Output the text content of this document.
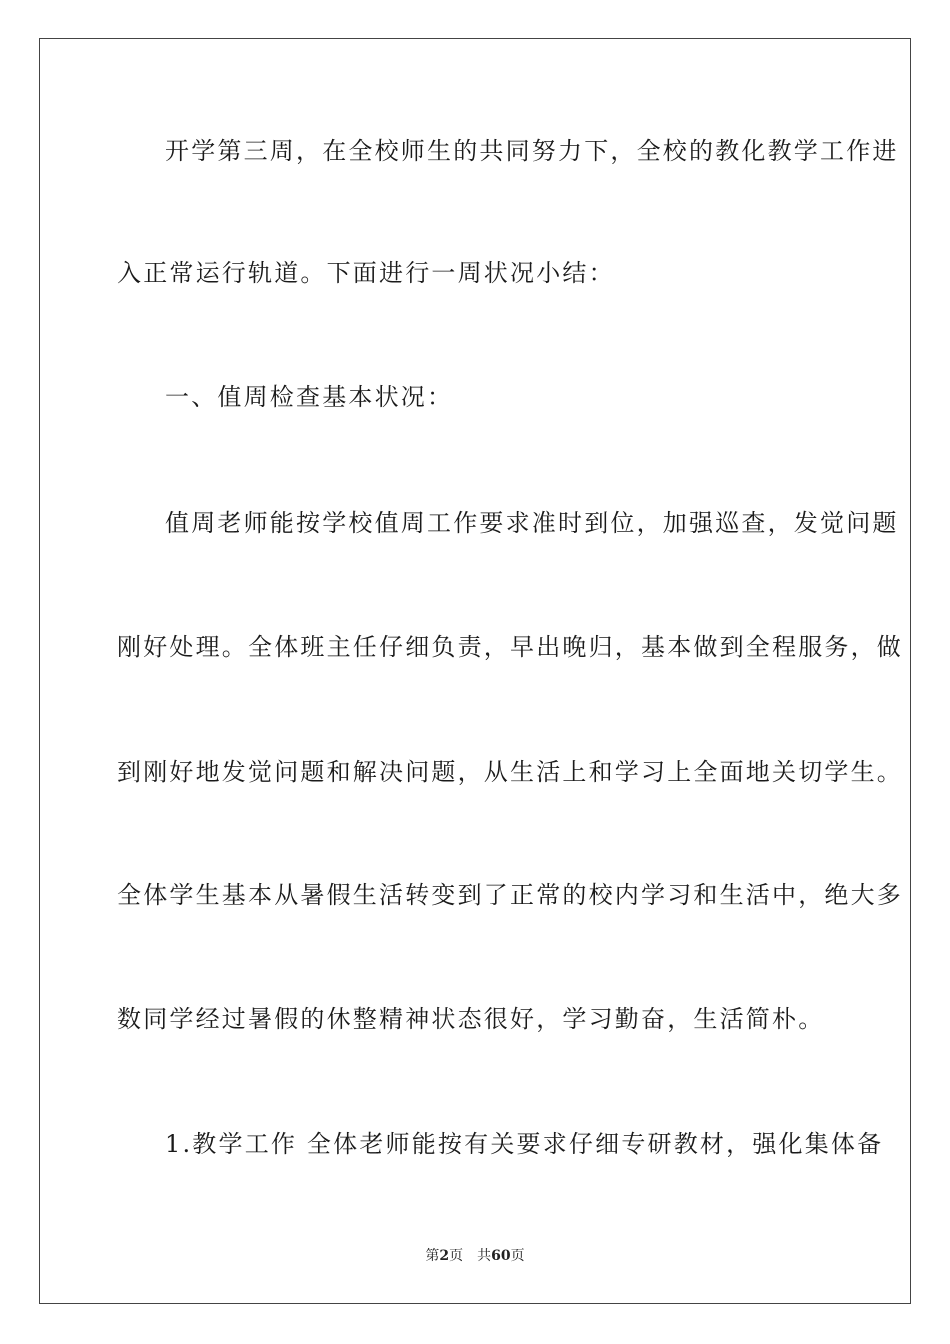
开学第三周，在全校师生的共同努力下，全校的教化教学工作进
入正常运行轨道。下面进行一周状况小结：
一、值周检查基本状况：
值周老师能按学校值周工作要求准时到位，加强巡查，发觉问题
刚好处理。全体班主任仔细负责，早出晚归，基本做到全程服务，做
到刚好地发觉问题和解决问题，从生活上和学习上全面地关切学生。
全体学生基本从暑假生活转变到了正常的校内学习和生活中，绝大多
数同学经过暑假的休整精神状态很好，学习勤奋，生活简朴。
1.教学工作 全体老师能按有关要求仔细专研教材，强化集体备
第2页 共60页
